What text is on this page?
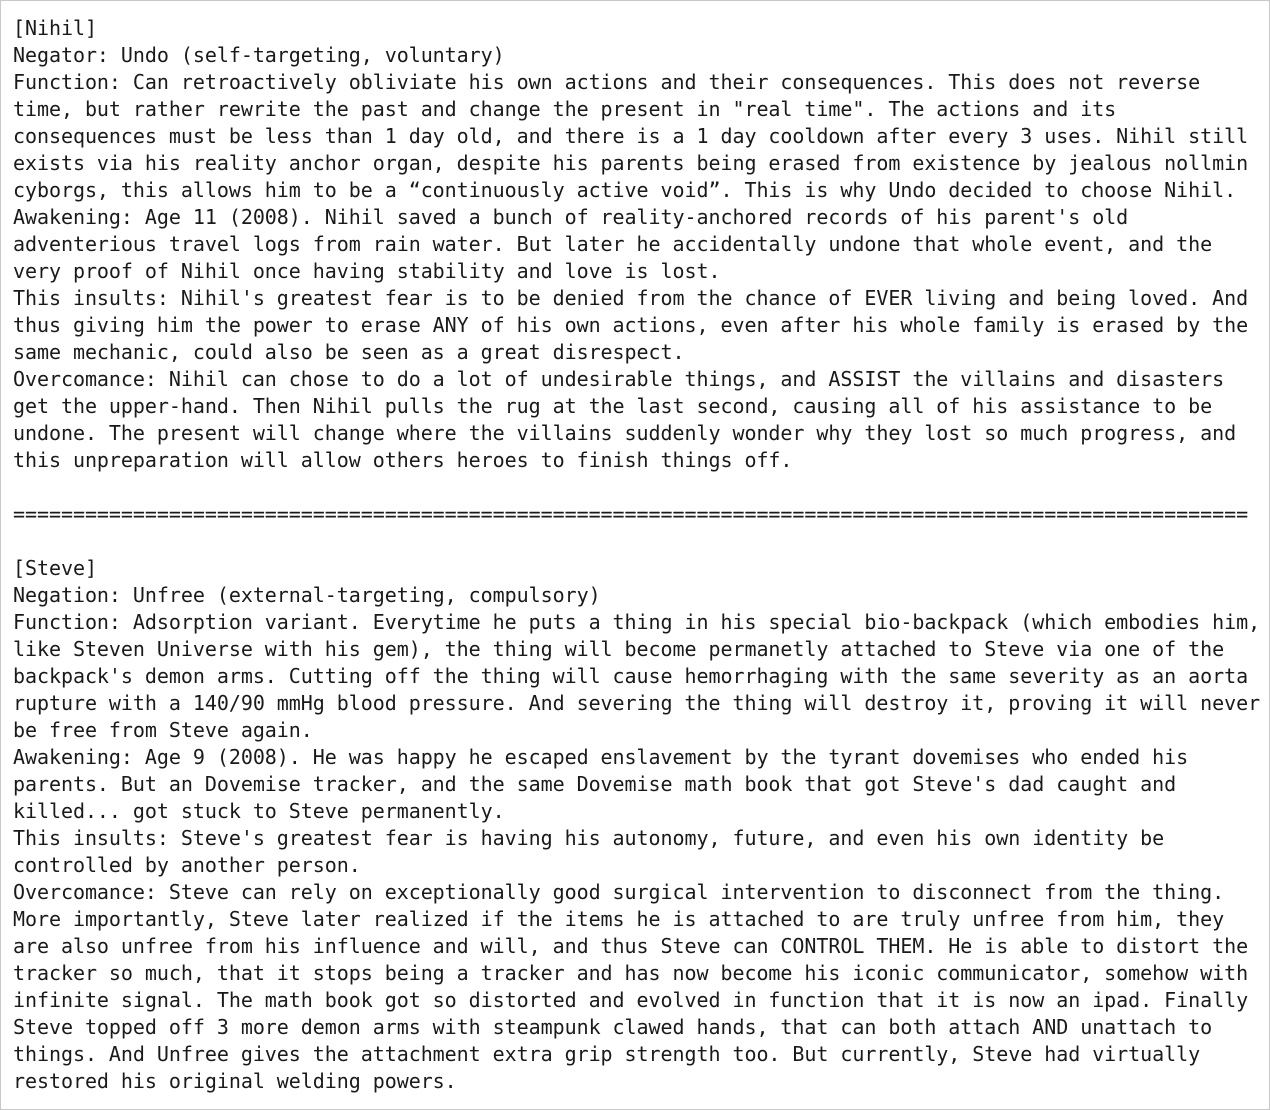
[Nihil]
Negator: Undo (self-targeting, voluntary)
Function: Can retroactively obliviate his own actions and their consequences. This does not reverse
time, but rather rewrite the past and change the present in "real time". The actions and its
consequences must be less than 1 day old, and there is a 1 day cooldown after every 3 uses. Nihil still
exists via his reality anchor organ, despite his parents being erased from existence by jealous nollmin
cyborgs, this allows him to be a “continuously active void”. This is why Undo decided to choose Nihil.
Awakening: Age 11 (2008). Nihil saved a bunch of reality-anchored records of his parent's old
adventerious travel logs from rain water. But later he accidentally undone that whole event, and the
very proof of Nihil once having stability and love is lost.
This insults: Nihil's greatest fear is to be denied from the chance of EVER living and being loved. And
thus giving him the power to erase ANY of his own actions, even after his whole family is erased by the
same mechanic, could also be seen as a great disrespect.
Overcomance: Nihil can chose to do a lot of undesirable things, and ASSIST the villains and disasters
get the upper-hand. Then Nihil pulls the rug at the last second, causing all of his assistance to be
undone. The present will change where the villains suddenly wonder why they lost so much progress, and
this unpreparation will allow others heroes to finish things off.
=======================================================================================================
[Steve]
Negation: Unfree (external-targeting, compulsory)
Function: Adsorption variant. Everytime he puts a thing in his special bio-backpack (which embodies him,
like Steven Universe with his gem), the thing will become permanetly attached to Steve via one of the
backpack's demon arms. Cutting off the thing will cause hemorrhaging with the same severity as an aorta
rupture with a 140/90 mmHg blood pressure. And severing the thing will destroy it, proving it will never
be free from Steve again.
Awakening: Age 9 (2008). He was happy he escaped enslavement by the tyrant dovemises who ended his
parents. But an Dovemise tracker, and the same Dovemise math book that got Steve's dad caught and
killed... got stuck to Steve permanently.
This insults: Steve's greatest fear is having his autonomy, future, and even his own identity be
controlled by another person.
Overcomance: Steve can rely on exceptionally good surgical intervention to disconnect from the thing.
More importantly, Steve later realized if the items he is attached to are truly unfree from him, they
are also unfree from his influence and will, and thus Steve can CONTROL THEM. He is able to distort the
tracker so much, that it stops being a tracker and has now become his iconic communicator, somehow with
infinite signal. The math book got so distorted and evolved in function that it is now an ipad. Finally
Steve topped off 3 more demon arms with steampunk clawed hands, that can both attach AND unattach to
things. And Unfree gives the attachment extra grip strength too. But currently, Steve had virtually
restored his original welding powers.
